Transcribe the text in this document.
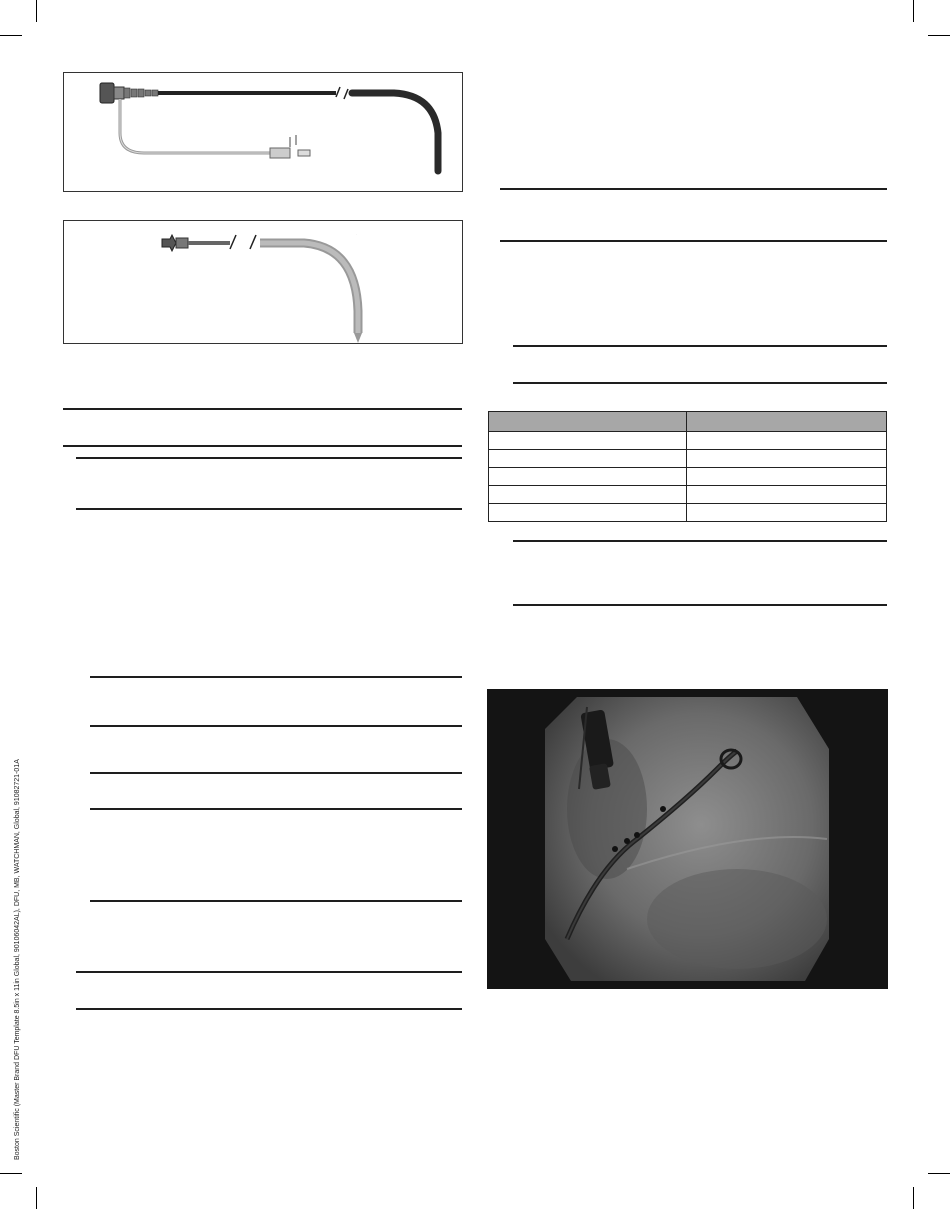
Boston Scientific (Master Brand DFU Template 8.5in x 11in Global, 90106042AL), DFU, MB, WATCHMAN, Global, 91082721-01A
·
